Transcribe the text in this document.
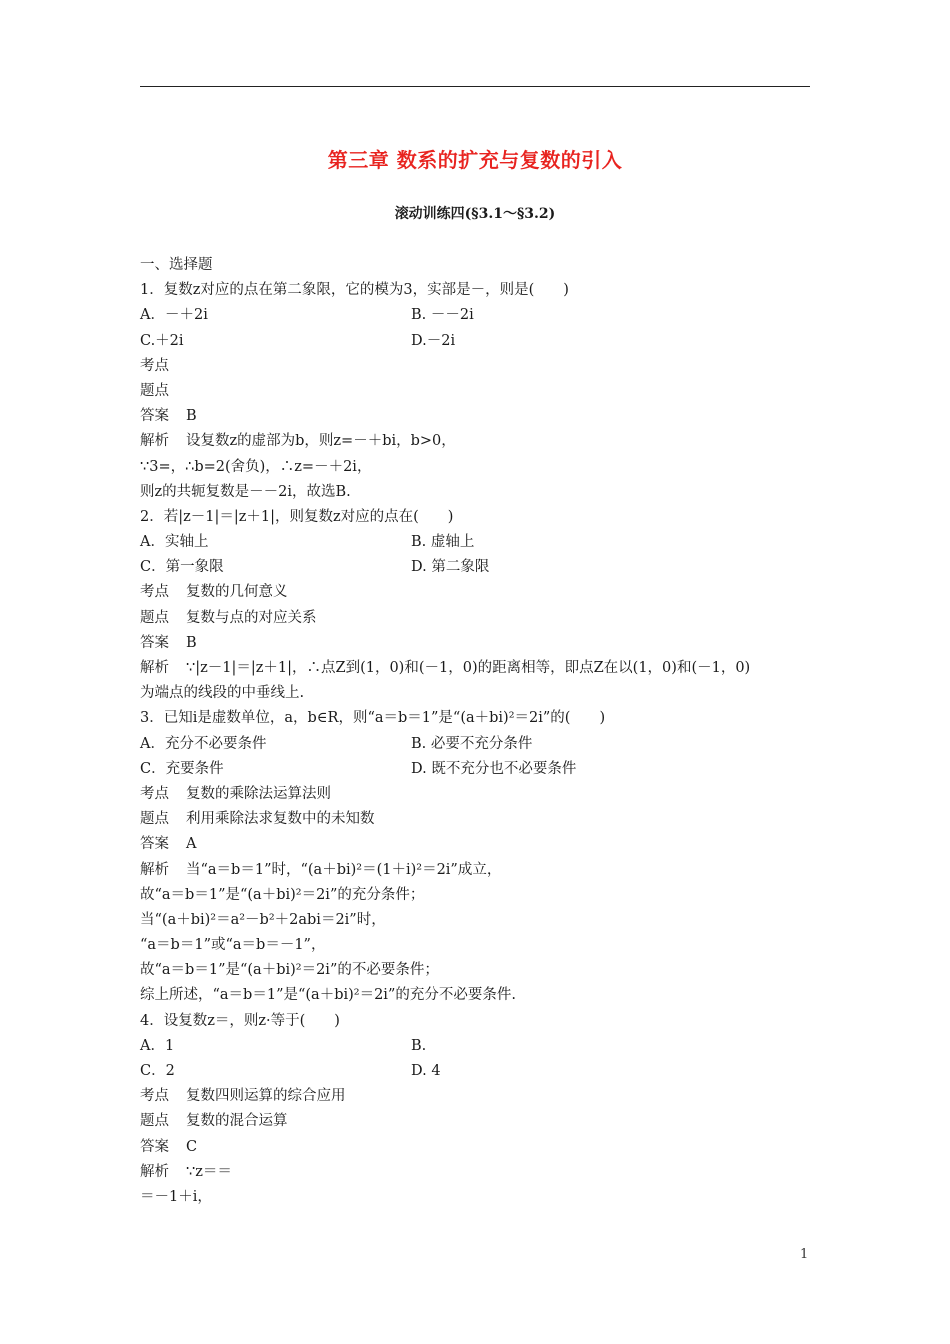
第三章 数系的扩充与复数的引入
滚动训练四(§3.1～§3.2)
一、选择题
1．复数z对应的点在第二象限，它的模为3，实部是－，则是(　　)
A．－＋2i	B. －－2i
C.＋2i	D.－2i
考点
题点
答案 B
解析 设复数z的虚部为b，则z=－＋bi，b>0，
∵3=，∴b=2(舍负)，∴z=－＋2i，
则z的共轭复数是－－2i，故选B.
2．若|z－1|＝|z＋1|，则复数z对应的点在(　　)
A．实轴上	B. 虚轴上
C．第一象限	D. 第二象限
考点 复数的几何意义
题点 复数与点的对应关系
答案 B
解析 ∵|z－1|＝|z＋1|，∴点Z到(1，0)和(－1，0)的距离相等，即点Z在以(1，0)和(－1，0)
为端点的线段的中垂线上.
3．已知i是虚数单位，a，b∈R，则“a＝b＝1”是“(a＋bi)²＝2i”的(　　)
A．充分不必要条件	B. 必要不充分条件
C．充要条件	D. 既不充分也不必要条件
考点 复数的乘除法运算法则
题点 利用乘除法求复数中的未知数
答案 A
解析 当“a＝b＝1”时，“(a＋bi)²＝(1＋i)²＝2i”成立，
故“a＝b＝1”是“(a＋bi)²＝2i”的充分条件；
当“(a＋bi)²＝a²－b²＋2abi＝2i”时，
“a＝b＝1”或“a＝b＝－1”，
故“a＝b＝1”是“(a＋bi)²＝2i”的不必要条件；
综上所述，“a＝b＝1”是“(a＋bi)²＝2i”的充分不必要条件.
4．设复数z＝，则z·等于(　　)
A．1	B.
C．2	D. 4
考点 复数四则运算的综合应用
题点 复数的混合运算
答案 C
解析 ∵z＝＝
＝－1＋i，
1
